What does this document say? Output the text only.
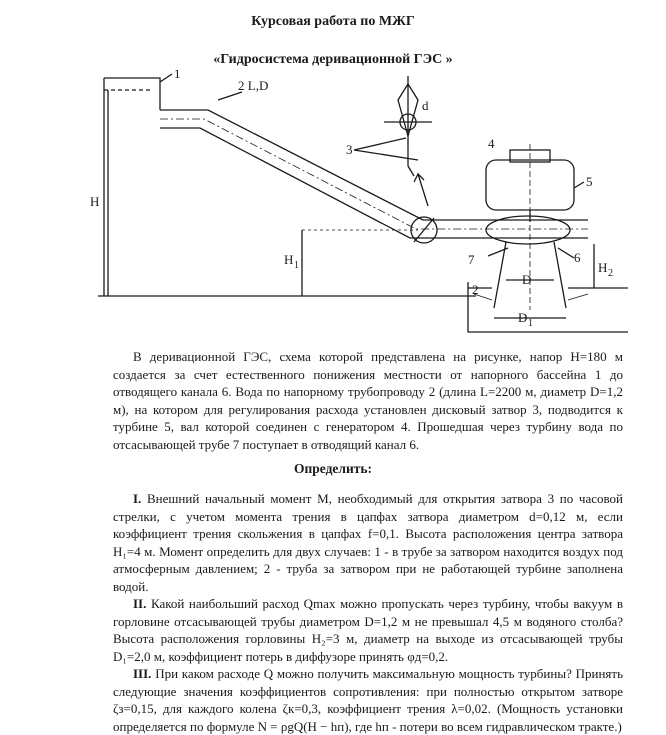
Курсовая работа по МЖГ

«Гидросистема деривационной ГЭС »

1
2 L,D
3	4
5
6
7
d
H
H 1	H 2
D
D 1
2

В деривационной ГЭС, схема которой представлена на рисунке, напор H=180 м создается за счет естественного понижения местности от напорного бассейна 1 до отводящего канала 6. Вода по напорному трубопроводу 2 (длина L=2200 м, диаметр D=1,2 м), на котором для регулирования расхода установлен дисковый затвор 3, подводится к турбине 5, вал которой соединен с генератором 4. Прошедшая через турбину вода по отсасывающей трубе 7 поступает в отводящий канал 6.

Определить:

I. Внешний начальный момент М, необходимый для открытия затвора 3 по часовой стрелки, с учетом момента трения в цапфах затвора диаметром d=0,12 м, если коэффициент трения скольжения в цапфах f=0,1. Высота расположения центра затвора H₁=4 м. Момент определить для двух случаев: 1 - в трубе за затвором находится воздух под атмосферным давлением; 2 - труба за затвором при не работающей турбине заполнена водой.

II. Какой наибольший расход Qmax можно пропускать через турбину, чтобы вакуум в горловине отсасывающей трубы диаметром D=1,2 м не превышал 4,5 м водяного столба? Высота расположения горловины H₂=3 м, диаметр на выходе из отсасывающей трубы D₁=2,0 м, коэффициент потерь в диффузоре принять φд=0,2.

III. При каком расходе Q можно получить максимальную мощность турбины? Принять следующие значения коэффициентов сопротивления: при полностью открытом затворе ζз=0,15, для каждого колена ζк=0,3, коэффициент трения λ=0,02. (Мощность установки определяется по формуле N = ρgQ(H − hп), где hп - потери во всем гидравлическом тракте.)
